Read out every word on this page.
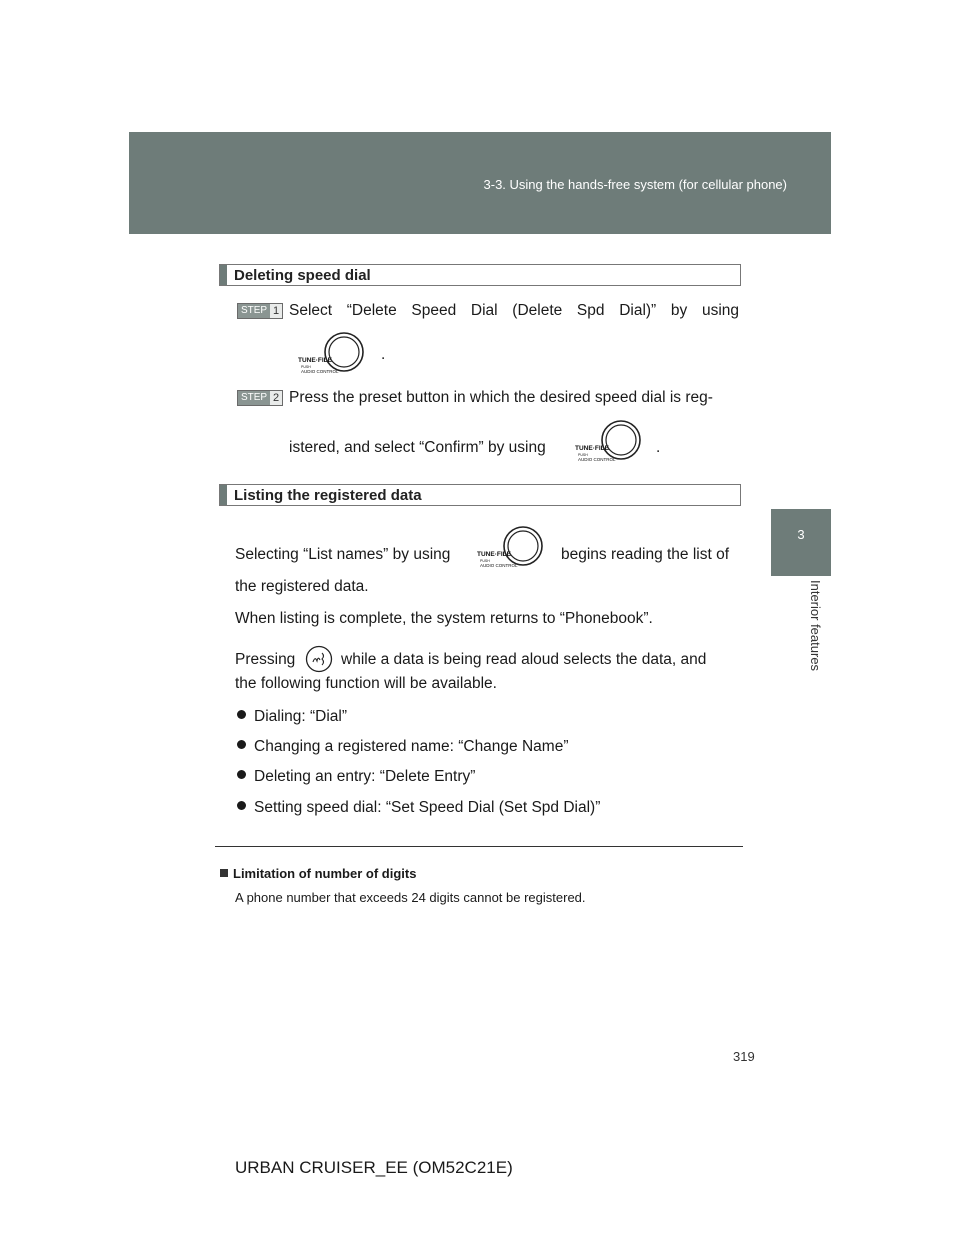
3-3. Using the hands-free system (for cellular phone)
3
Interior features
Deleting speed dial
STEP 1 Select “Delete Speed Dial (Delete Spd Dial)” by using
TUNE·FILE
PUSH
AUDIO CONTROL
.
STEP 2 Press the preset button in which the desired speed dial is reg-
istered, and select “Confirm” by using	TUNE·FILE
PUSH
AUDIO CONTROL
.
Listing the registered data
Selecting “List names” by using	TUNE·FILE
PUSH
AUDIO CONTROL
begins reading the list of
the registered data.
When listing is complete, the system returns to “Phonebook”.
Pressing	while a data is being read aloud selects the data, and
the following function will be available.
Dialing: “Dial”
Changing a registered name: “Change Name”
Deleting an entry: “Delete Entry”
Setting speed dial: “Set Speed Dial (Set Spd Dial)”
Limitation of number of digits
A phone number that exceeds 24 digits cannot be registered.
319
URBAN CRUISER_EE (OM52C21E)
